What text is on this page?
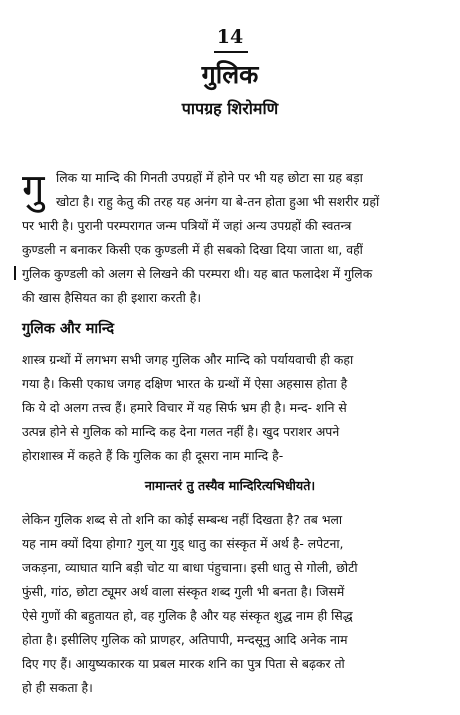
14
गुलिक
पापग्रह शिरोमणि
गु लिक या मान्दि की गिनती उपग्रहों में होने पर भी यह छोटा सा ग्रह बड़ा
खोटा है। राहु केतु की तरह यह अनंग या बे-तन होता हुआ भी सशरीर ग्रहों
पर भारी है। पुरानी परम्परागत जन्म पत्रियों में जहां अन्य उपग्रहों की स्वतन्त्र
कुण्डली न बनाकर किसी एक कुण्डली में ही सबको दिखा दिया जाता था, वहीं
गुलिक कुण्डली को अलग से लिखने की परम्परा थी। यह बात फलादेश में गुलिक
की खास हैसियत का ही इशारा करती है।
गुलिक और मान्दि
शास्त्र ग्रन्थों में लगभग सभी जगह गुलिक और मान्दि को पर्यायवाची ही कहा
गया है। किसी एकाध जगह दक्षिण भारत के ग्रन्थों में ऐसा अहसास होता है
कि ये दो अलग तत्त्व हैं। हमारे विचार में यह सिर्फ भ्रम ही है। मन्द- शनि से
उत्पन्न होने से गुलिक को मान्दि कह देना गलत नहीं है। खुद पराशर अपने
होराशास्त्र में कहते हैं कि गुलिक का ही दूसरा नाम मान्दि है-
नामान्तरं तु तस्यैव मान्दिरित्यभिधीयते।
लेकिन गुलिक शब्द से तो शनि का कोई सम्बन्ध नहीं दिखता है? तब भला
यह नाम क्यों दिया होगा? गुल् या गुड् धातु का संस्कृत में अर्थ है- लपेटना,
जकड़ना, व्याघात यानि बड़ी चोट या बाधा पंहुचाना। इसी धातु से गोली, छोटी
फुंसी, गांठ, छोटा ट्यूमर अर्थ वाला संस्कृत शब्द गुली भी बनता है। जिसमें
ऐसे गुणों की बहुतायत हो, वह गुलिक है और यह संस्कृत शुद्ध नाम ही सिद्ध
होता है। इसीलिए गुलिक को प्राणहर, अतिपापी, मन्दसूनु आदि अनेक नाम
दिए गए हैं। आयुष्यकारक या प्रबल मारक शनि का पुत्र पिता से बढ़कर तो
हो ही सकता है।
